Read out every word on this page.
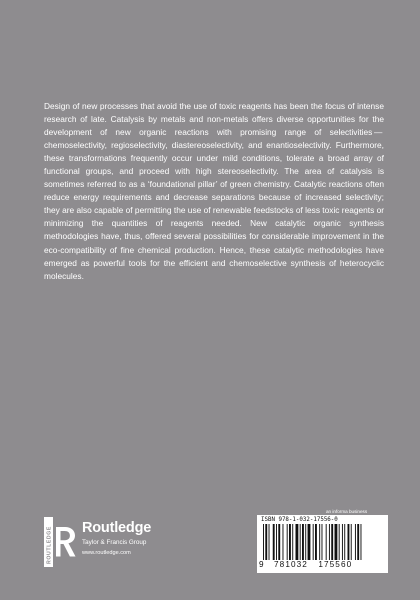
Design of new processes that avoid the use of toxic reagents has been the focus of intense research of late. Catalysis by metals and non-metals offers diverse opportunities for the development of new organic reactions with promising range of selectivities — chemoselectivity, regioselectivity, diastereoselectivity, and enantioselectivity. Furthermore, these transformations frequently occur under mild conditions, tolerate a broad array of functional groups, and proceed with high stereoselectivity. The area of catalysis is sometimes referred to as a ‘foundational pillar’ of green chemistry. Catalytic reactions often reduce energy requirements and decrease separations because of increased selectivity; they are also capable of permitting the use of renewable feedstocks of less toxic reagents or minimizing the quantities of reagents needed. New catalytic organic synthesis methodologies have, thus, offered several possibilities for considerable improvement in the eco-compatibility of fine chemical production. Hence, these catalytic methodologies have emerged as powerful tools for the efficient and chemoselective synthesis of heterocyclic molecules.

ROUTLEDGE Routledge
Taylor & Francis Group
www.routledge.com
an informa business
ISBN 978-1-032-17556-0
9 781032 175560
